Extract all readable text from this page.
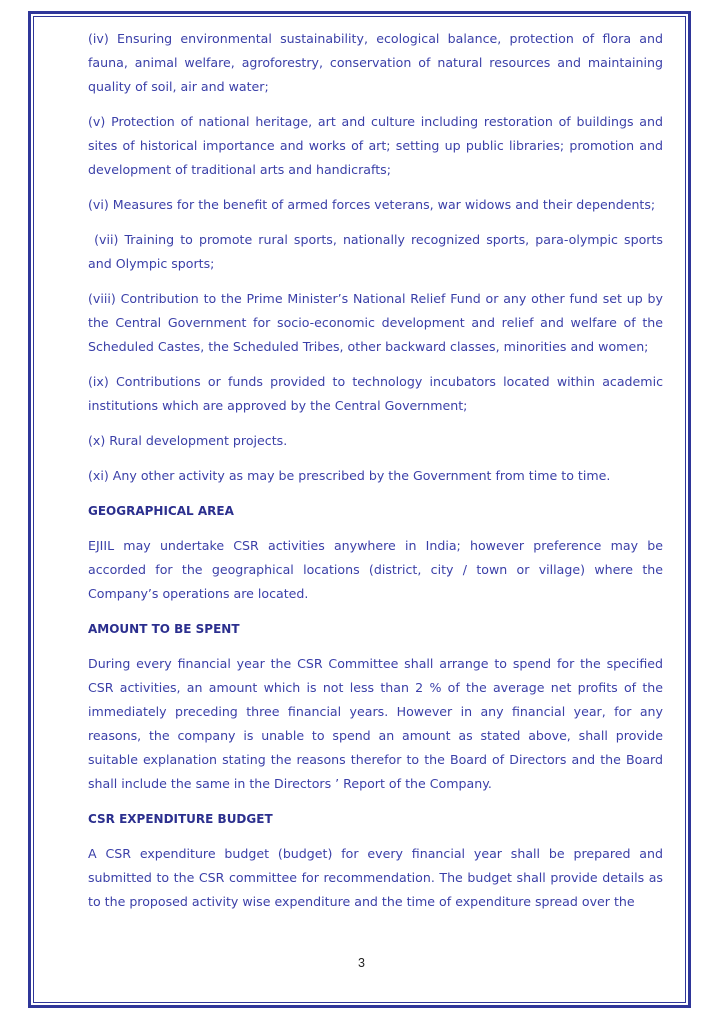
(iv) Ensuring environmental sustainability, ecological balance, protection of flora and fauna, animal welfare, agroforestry, conservation of natural resources and maintaining quality of soil, air and water;

(v) Protection of national heritage, art and culture including restoration of buildings and sites of historical importance and works of art; setting up public libraries; promotion and development of traditional arts and handicrafts;

(vi) Measures for the benefit of armed forces veterans, war widows and their dependents;

(vii) Training to promote rural sports, nationally recognized sports, para-olympic sports and Olympic sports;

(viii) Contribution to the Prime Minister’s National Relief Fund or any other fund set up by the Central Government for socio-economic development and relief and welfare of the Scheduled Castes, the Scheduled Tribes, other backward classes, minorities and women;

(ix) Contributions or funds provided to technology incubators located within academic institutions which are approved by the Central Government;

(x) Rural development projects.

(xi) Any other activity as may be prescribed by the Government from time to time.

GEOGRAPHICAL AREA

EJIIL may undertake CSR activities anywhere in India; however preference may be accorded for the geographical locations (district, city / town or village) where the Company’s operations are located.

AMOUNT TO BE SPENT

During every financial year the CSR Committee shall arrange to spend for the specified CSR activities, an amount which is not less than 2 % of the average net profits of the immediately preceding three financial years. However in any financial year, for any reasons, the company is unable to spend an amount as stated above, shall provide suitable explanation stating the reasons therefor to the Board of Directors and the Board shall include the same in the Directors ’ Report of the Company.

CSR EXPENDITURE BUDGET

A CSR expenditure budget (budget) for every financial year shall be prepared and submitted to the CSR committee for recommendation. The budget shall provide details as to the proposed activity wise expenditure and the time of expenditure spread over the

3
